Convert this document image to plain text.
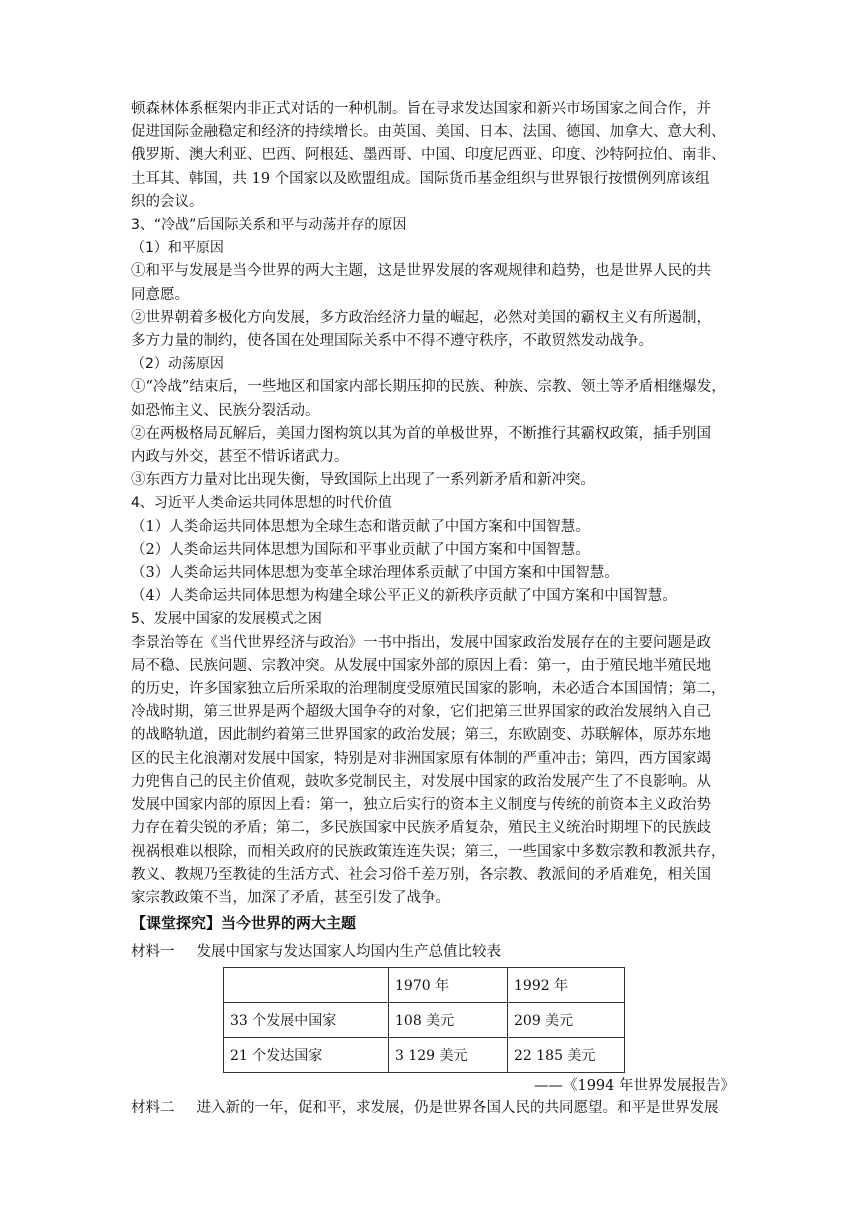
顿森林体系框架内非正式对话的一种机制。旨在寻求发达国家和新兴市场国家之间合作，并

促进国际金融稳定和经济的持续增长。由英国、美国、日本、法国、德国、加拿大、意大利、

俄罗斯、澳大利亚、巴西、阿根廷、墨西哥、中国、印度尼西亚、印度、沙特阿拉伯、南非、

土耳其、韩国，共 19 个国家以及欧盟组成。国际货币基金组织与世界银行按惯例列席该组

织的会议。

3、“冷战”后国际关系和平与动荡并存的原因

（1）和平原因

①和平与发展是当今世界的两大主题，这是世界发展的客观规律和趋势，也是世界人民的共

同意愿。

②世界朝着多极化方向发展，多方政治经济力量的崛起，必然对美国的霸权主义有所遏制，

多方力量的制约，使各国在处理国际关系中不得不遵守秩序，不敢贸然发动战争。

（2）动荡原因

①“冷战”结束后，一些地区和国家内部长期压抑的民族、种族、宗教、领土等矛盾相继爆发，

如恐怖主义、民族分裂活动。

②在两极格局瓦解后，美国力图构筑以其为首的单极世界，不断推行其霸权政策，插手别国

内政与外交，甚至不惜诉诸武力。

③东西方力量对比出现失衡，导致国际上出现了一系列新矛盾和新冲突。

4、习近平人类命运共同体思想的时代价值

（1）人类命运共同体思想为全球生态和谐贡献了中国方案和中国智慧。

（2）人类命运共同体思想为国际和平事业贡献了中国方案和中国智慧。

（3）人类命运共同体思想为变革全球治理体系贡献了中国方案和中国智慧。

（4）人类命运共同体思想为构建全球公平正义的新秩序贡献了中国方案和中国智慧。

5、发展中国家的发展模式之困

李景治等在《当代世界经济与政治》一书中指出，发展中国家政治发展存在的主要问题是政

局不稳、民族问题、宗教冲突。从发展中国家外部的原因上看：第一，由于殖民地半殖民地

的历史，许多国家独立后所采取的治理制度受原殖民国家的影响，未必适合本国国情；第二，

冷战时期，第三世界是两个超级大国争夺的对象，它们把第三世界国家的政治发展纳入自己

的战略轨道，因此制约着第三世界国家的政治发展；第三，东欧剧变、苏联解体，原苏东地

区的民主化浪潮对发展中国家，特别是对非洲国家原有体制的严重冲击；第四，西方国家竭

力兜售自己的民主价值观，鼓吹多党制民主，对发展中国家的政治发展产生了不良影响。从

发展中国家内部的原因上看：第一，独立后实行的资本主义制度与传统的前资本主义政治势

力存在着尖锐的矛盾；第二，多民族国家中民族矛盾复杂，殖民主义统治时期埋下的民族歧

视祸根难以根除，而相关政府的民族政策连连失误；第三，一些国家中多数宗教和教派共存，

教义、教规乃至教徒的生活方式、社会习俗千差万别，各宗教、教派间的矛盾难免，相关国

家宗教政策不当，加深了矛盾，甚至引发了战争。

【课堂探究】当今世界的两大主题

材料一 发展中国家与发达国家人均国内生产总值比较表

	1970 年	1992 年
33 个发展中国家	108 美元	209 美元
21 个发达国家	3 129 美元	22 185 美元

——《1994 年世界发展报告》

材料二 进入新的一年，促和平，求发展，仍是世界各国人民的共同愿望。和平是世界发展
